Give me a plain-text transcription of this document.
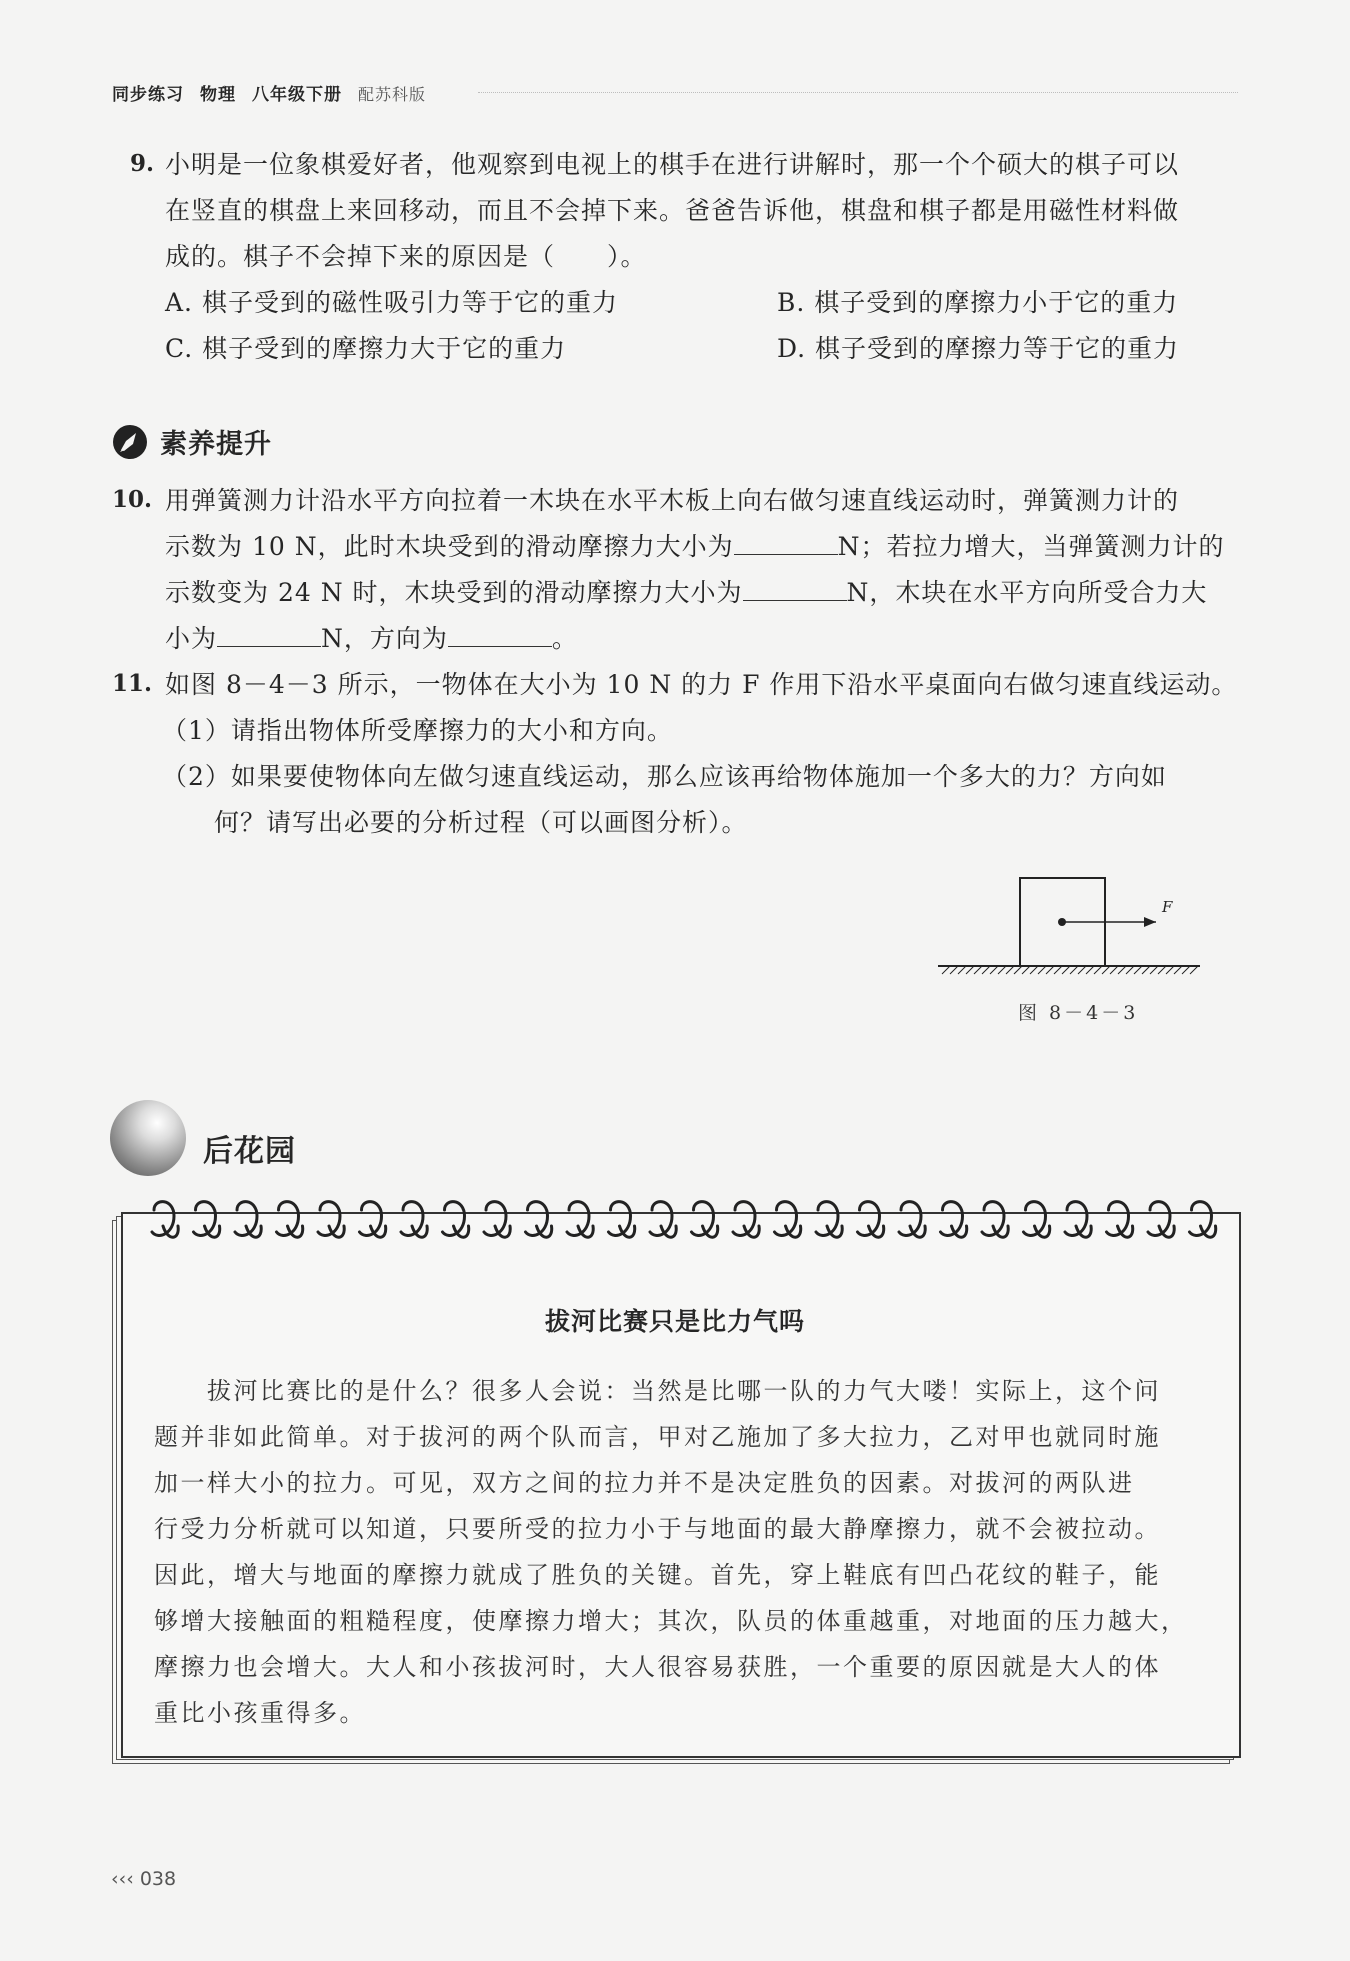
同步练习 物理 八年级下册 配苏科版
9. 小明是一位象棋爱好者，他观察到电视上的棋手在进行讲解时，那一个个硕大的棋子可以
在竖直的棋盘上来回移动，而且不会掉下来。爸爸告诉他，棋盘和棋子都是用磁性材料做
成的。棋子不会掉下来的原因是（　　）。
A. 棋子受到的磁性吸引力等于它的重力	B. 棋子受到的摩擦力小于它的重力
C. 棋子受到的摩擦力大于它的重力	D. 棋子受到的摩擦力等于它的重力
素养提升
10. 用弹簧测力计沿水平方向拉着一木块在水平木板上向右做匀速直线运动时，弹簧测力计的
示数为 10 N，此时木块受到的滑动摩擦力大小为	N；若拉力增大，当弹簧测力计的
示数变为 24 N 时，木块受到的滑动摩擦力大小为	N，木块在水平方向所受合力大
小为	N，方向为	。
11. 如图 8－4－3 所示，一物体在大小为 10 N 的力 F 作用下沿水平桌面向右做匀速直线运动。
（1）请指出物体所受摩擦力的大小和方向。
（2）如果要使物体向左做匀速直线运动，那么应该再给物体施加一个多大的力？方向如
何？请写出必要的分析过程（可以画图分析）。
F
图 8－4－3
后花园
拔河比赛只是比力气吗
　　拔河比赛比的是什么？很多人会说：当然是比哪一队的力气大喽！实际上，这个问
题并非如此简单。对于拔河的两个队而言，甲对乙施加了多大拉力，乙对甲也就同时施
加一样大小的拉力。可见，双方之间的拉力并不是决定胜负的因素。对拔河的两队进
行受力分析就可以知道，只要所受的拉力小于与地面的最大静摩擦力，就不会被拉动。
因此，增大与地面的摩擦力就成了胜负的关键。首先，穿上鞋底有凹凸花纹的鞋子，能
够增大接触面的粗糙程度，使摩擦力增大；其次，队员的体重越重，对地面的压力越大，
摩擦力也会增大。大人和小孩拔河时，大人很容易获胜，一个重要的原因就是大人的体
重比小孩重得多。
‹‹‹ 038
